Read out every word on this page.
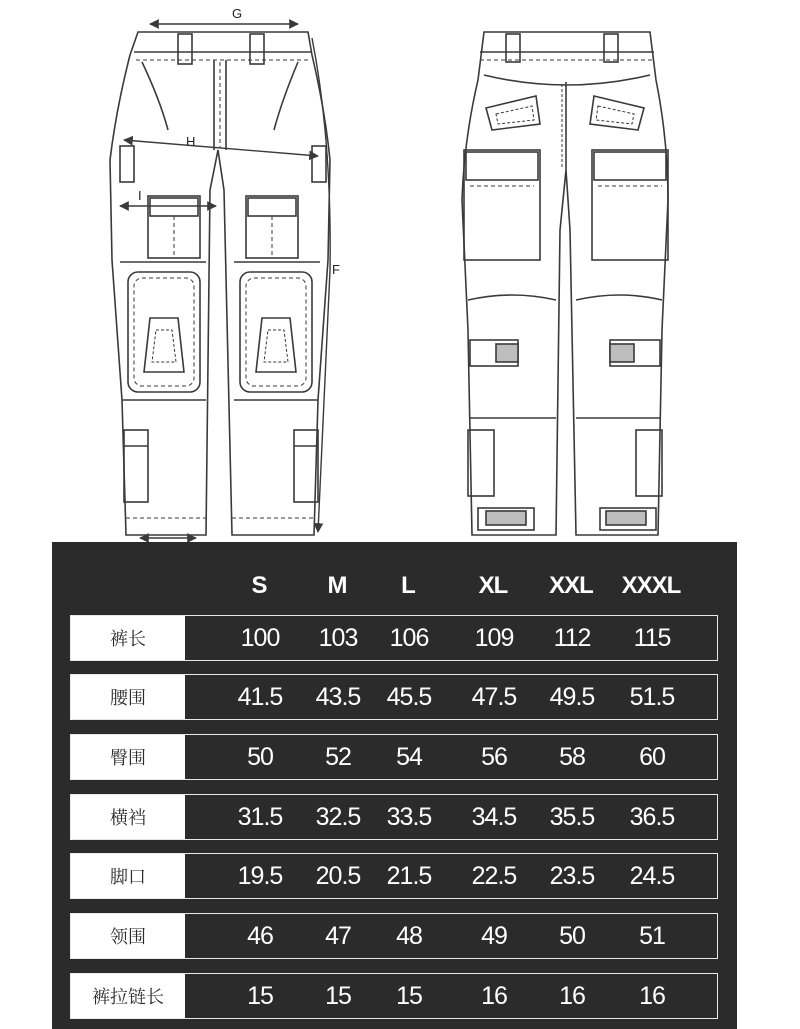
G
H
I
F
S	M	L	XL	XXL	XXXL
裤长	100	103	106	109	112	115
腰围	41.5	43.5	45.5	47.5	49.5	51.5
臀围	50	52	54	56	58	60
横裆	31.5	32.5	33.5	34.5	35.5	36.5
脚口	19.5	20.5	21.5	22.5	23.5	24.5
领围	46	47	48	49	50	51
裤拉链长	15	15	15	16	16	16
